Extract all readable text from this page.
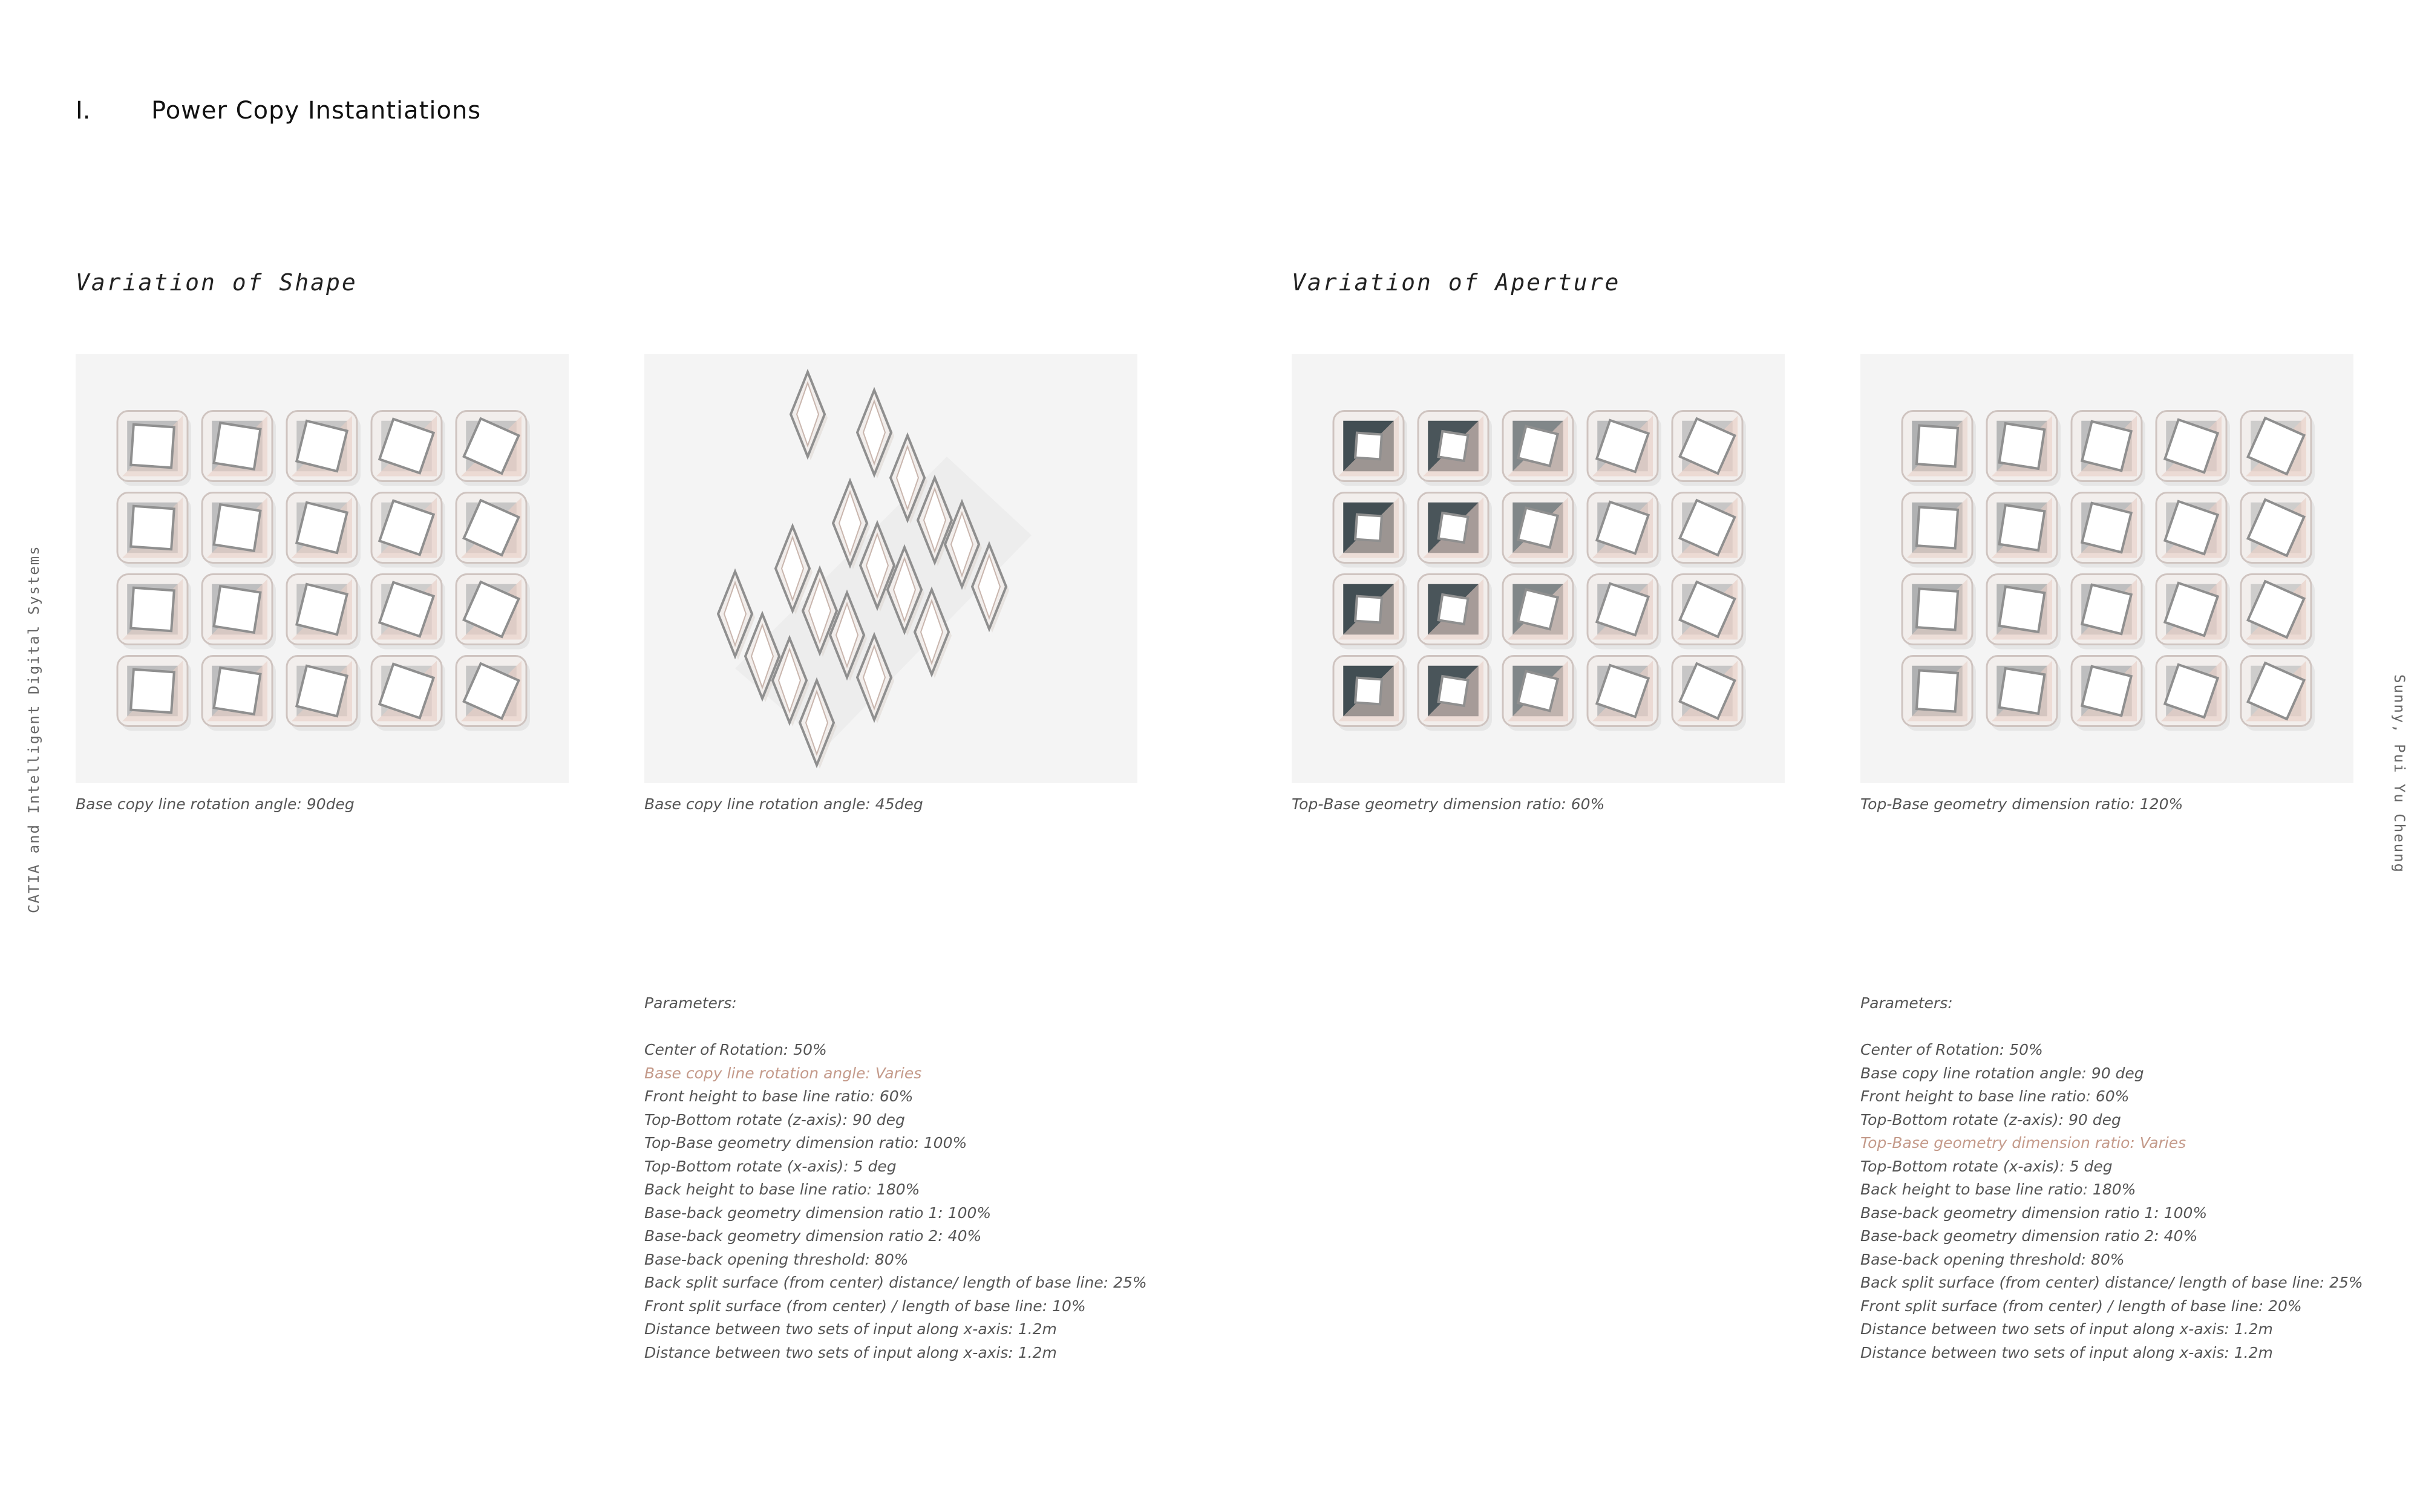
I.	Power Copy Instantiations
CATIA and Intelligent Digital Systems	Sunny, Pui Yu Cheung
Variation of Shape	Variation of Aperture
Base copy line rotation angle: 90deg	Base copy line rotation angle: 45deg	Top-Base geometry dimension ratio: 60%	Top-Base geometry dimension ratio: 120%
Parameters:
Center of Rotation: 50%
Base copy line rotation angle: Varies
Front height to base line ratio: 60%
Top-Bottom rotate (z-axis): 90 deg
Top-Base geometry dimension ratio: 100%
Top-Bottom rotate (x-axis): 5 deg
Back height to base line ratio: 180%
Base-back geometry dimension ratio 1: 100%
Base-back geometry dimension ratio 2: 40%
Base-back opening threshold: 80%
Back split surface (from center) distance/ length of base line: 25%
Front split surface (from center) / length of base line: 10%
Distance between two sets of input along x-axis: 1.2m
Distance between two sets of input along x-axis: 1.2m
Parameters:
Center of Rotation: 50%
Base copy line rotation angle: 90 deg
Front height to base line ratio: 60%
Top-Bottom rotate (z-axis): 90 deg
Top-Base geometry dimension ratio: Varies
Top-Bottom rotate (x-axis): 5 deg
Back height to base line ratio: 180%
Base-back geometry dimension ratio 1: 100%
Base-back geometry dimension ratio 2: 40%
Base-back opening threshold: 80%
Back split surface (from center) distance/ length of base line: 25%
Front split surface (from center) / length of base line: 20%
Distance between two sets of input along x-axis: 1.2m
Distance between two sets of input along x-axis: 1.2m
